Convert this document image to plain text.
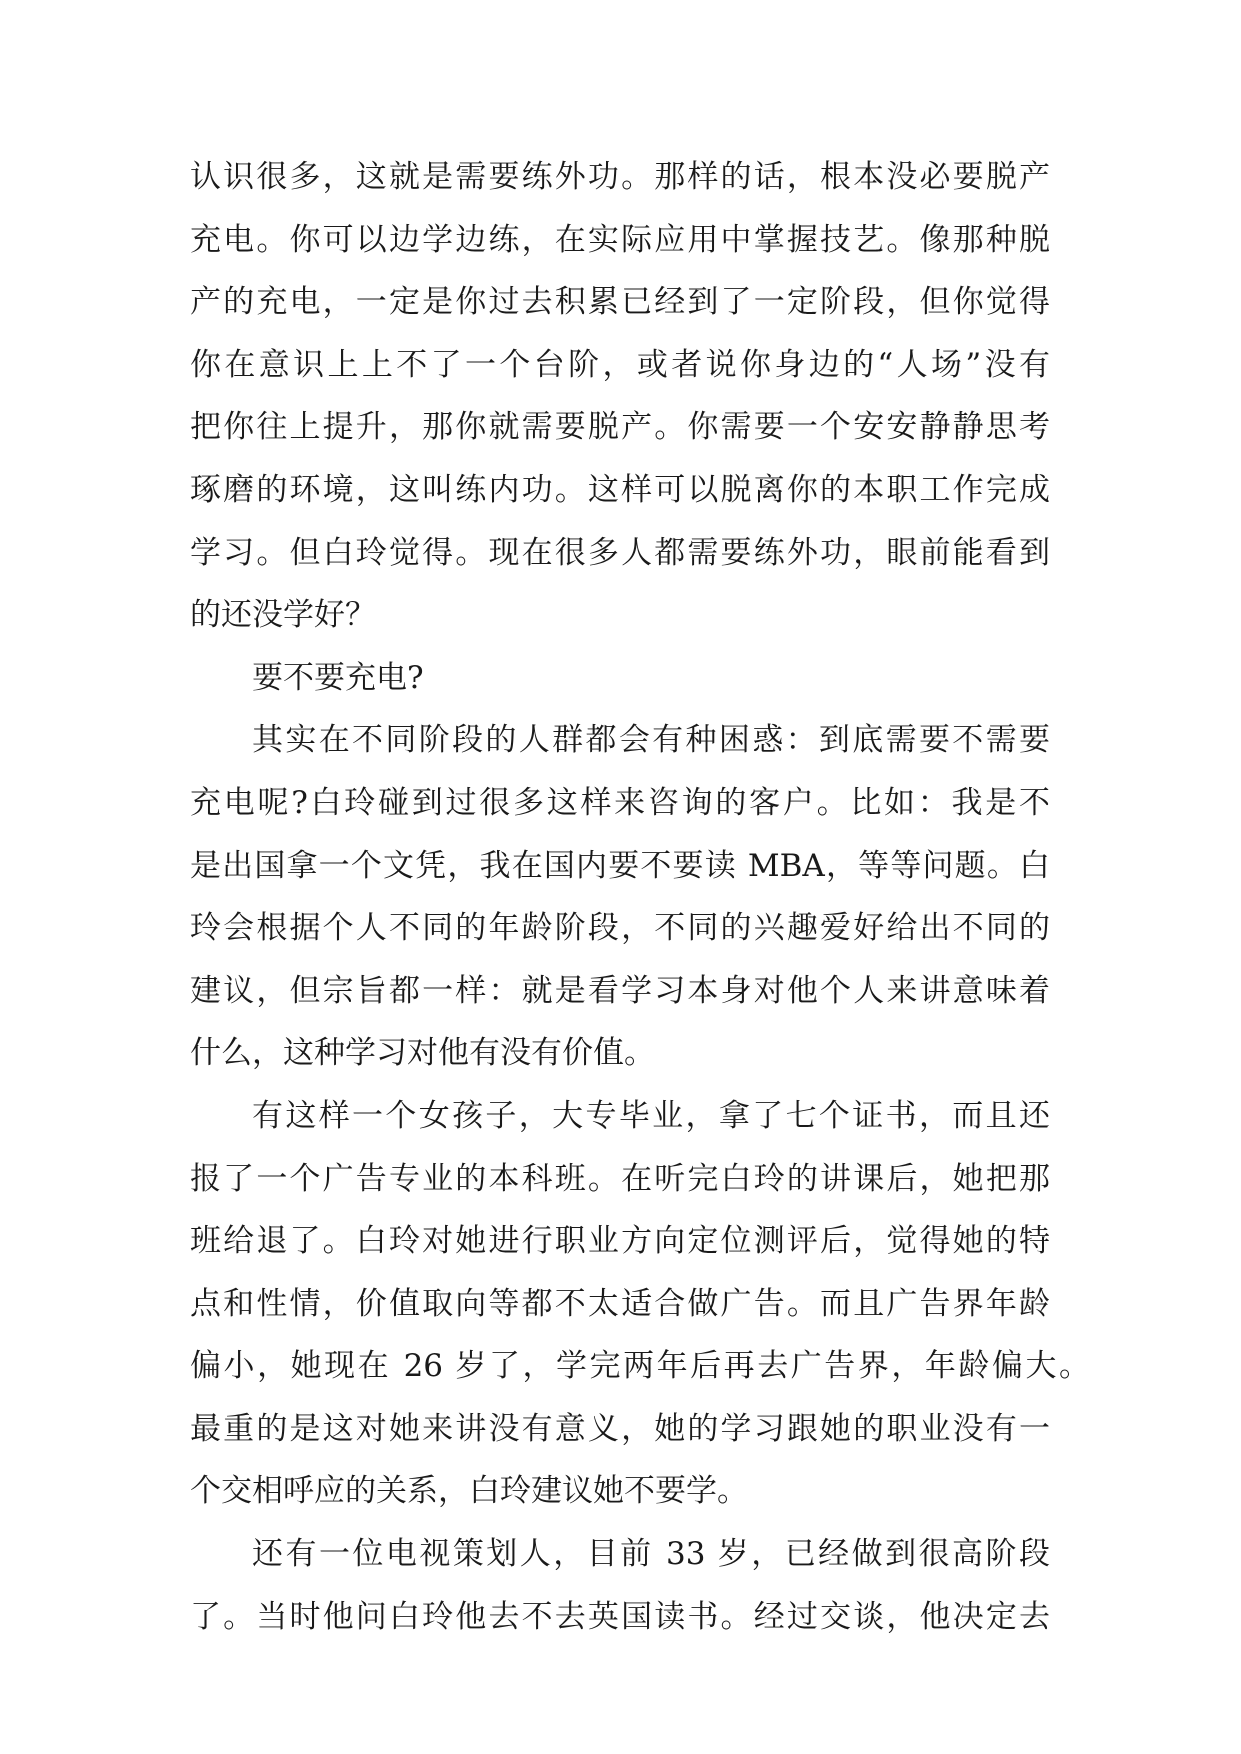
认识很多，这就是需要练外功。那样的话，根本没必要脱产
充电。你可以边学边练，在实际应用中掌握技艺。像那种脱
产的充电，一定是你过去积累已经到了一定阶段，但你觉得
你在意识上上不了一个台阶，或者说你身边的“人场”没有
把你往上提升，那你就需要脱产。你需要一个安安静静思考
琢磨的环境，这叫练内功。这样可以脱离你的本职工作完成
学习。但白玲觉得。现在很多人都需要练外功，眼前能看到
的还没学好？
要不要充电?
其实在不同阶段的人群都会有种困惑：到底需要不需要
充电呢?白玲碰到过很多这样来咨询的客户。比如：我是不
是出国拿一个文凭，我在国内要不要读 MBA，等等问题。白
玲会根据个人不同的年龄阶段，不同的兴趣爱好给出不同的
建议，但宗旨都一样：就是看学习本身对他个人来讲意味着
什么，这种学习对他有没有价值。
有这样一个女孩子，大专毕业，拿了七个证书，而且还
报了一个广告专业的本科班。在听完白玲的讲课后，她把那
班给退了。白玲对她进行职业方向定位测评后，觉得她的特
点和性情，价值取向等都不太适合做广告。而且广告界年龄
偏小，她现在 26 岁了，学完两年后再去广告界，年龄偏大。
最重的是这对她来讲没有意义，她的学习跟她的职业没有一
个交相呼应的关系，白玲建议她不要学。
还有一位电视策划人，目前 33 岁，已经做到很高阶段
了。当时他问白玲他去不去英国读书。经过交谈，他决定去
